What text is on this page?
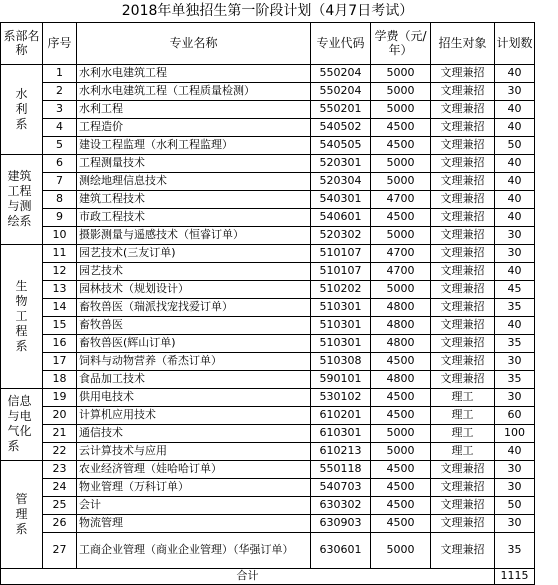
2018年单独招生第一阶段计划（4月7日考试）						
系部名称	序号	专业名称	专业代码	学费（元/年）	招生对象	计划数
水利系	1	水利水电建筑工程	550204	5000	文理兼招	40
	2	水利水电建筑工程（工程质量检测）	550204	5000	文理兼招	30
	3	水利工程	550201	5000	文理兼招	40
	4	工程造价	540502	4500	文理兼招	40
	5	建设工程监理（水利工程监理）	540505	4500	文理兼招	50
建筑工程与测绘系	6	工程测量技术	520301	5000	文理兼招	40
	7	测绘地理信息技术	520304	5000	文理兼招	40
	8	建筑工程技术	540301	4700	文理兼招	40
	9	市政工程技术	540601	4500	文理兼招	40
	10	摄影测量与遥感技术（恒睿订单）	520302	5000	文理兼招	30
生物工程系	11	园艺技术(三友订单)	510107	4700	文理兼招	30
	12	园艺技术	510107	4700	文理兼招	40
	13	园林技术（规划设计）	510202	5000	文理兼招	45
	14	畜牧兽医（瑞派找宠找爱订单）	510301	4800	文理兼招	35
	15	畜牧兽医	510301	4800	文理兼招	40
	16	畜牧兽医(辉山订单)	510301	4800	文理兼招	35
	17	饲料与动物营养（希杰订单）	510308	4500	文理兼招	30
	18	食品加工技术	590101	4800	文理兼招	35
信息与电气化系	19	供用电技术	530102	4500	理工	30
	20	计算机应用技术	610201	4500	理工	60
	21	通信技术	610301	5000	理工	100
	22	云计算技术与应用	610213	5000	理工	40
管理系	23	农业经济管理（娃哈哈订单）	550118	4500	文理兼招	30
	24	物业管理（万科订单）	540703	4500	文理兼招	30
	25	会计	630302	4500	文理兼招	50
	26	物流管理	630903	4500	文理兼招	30
	27	工商企业管理（商业企业管理）（华强订单）	630601	5000	文理兼招	35
合计						1115
